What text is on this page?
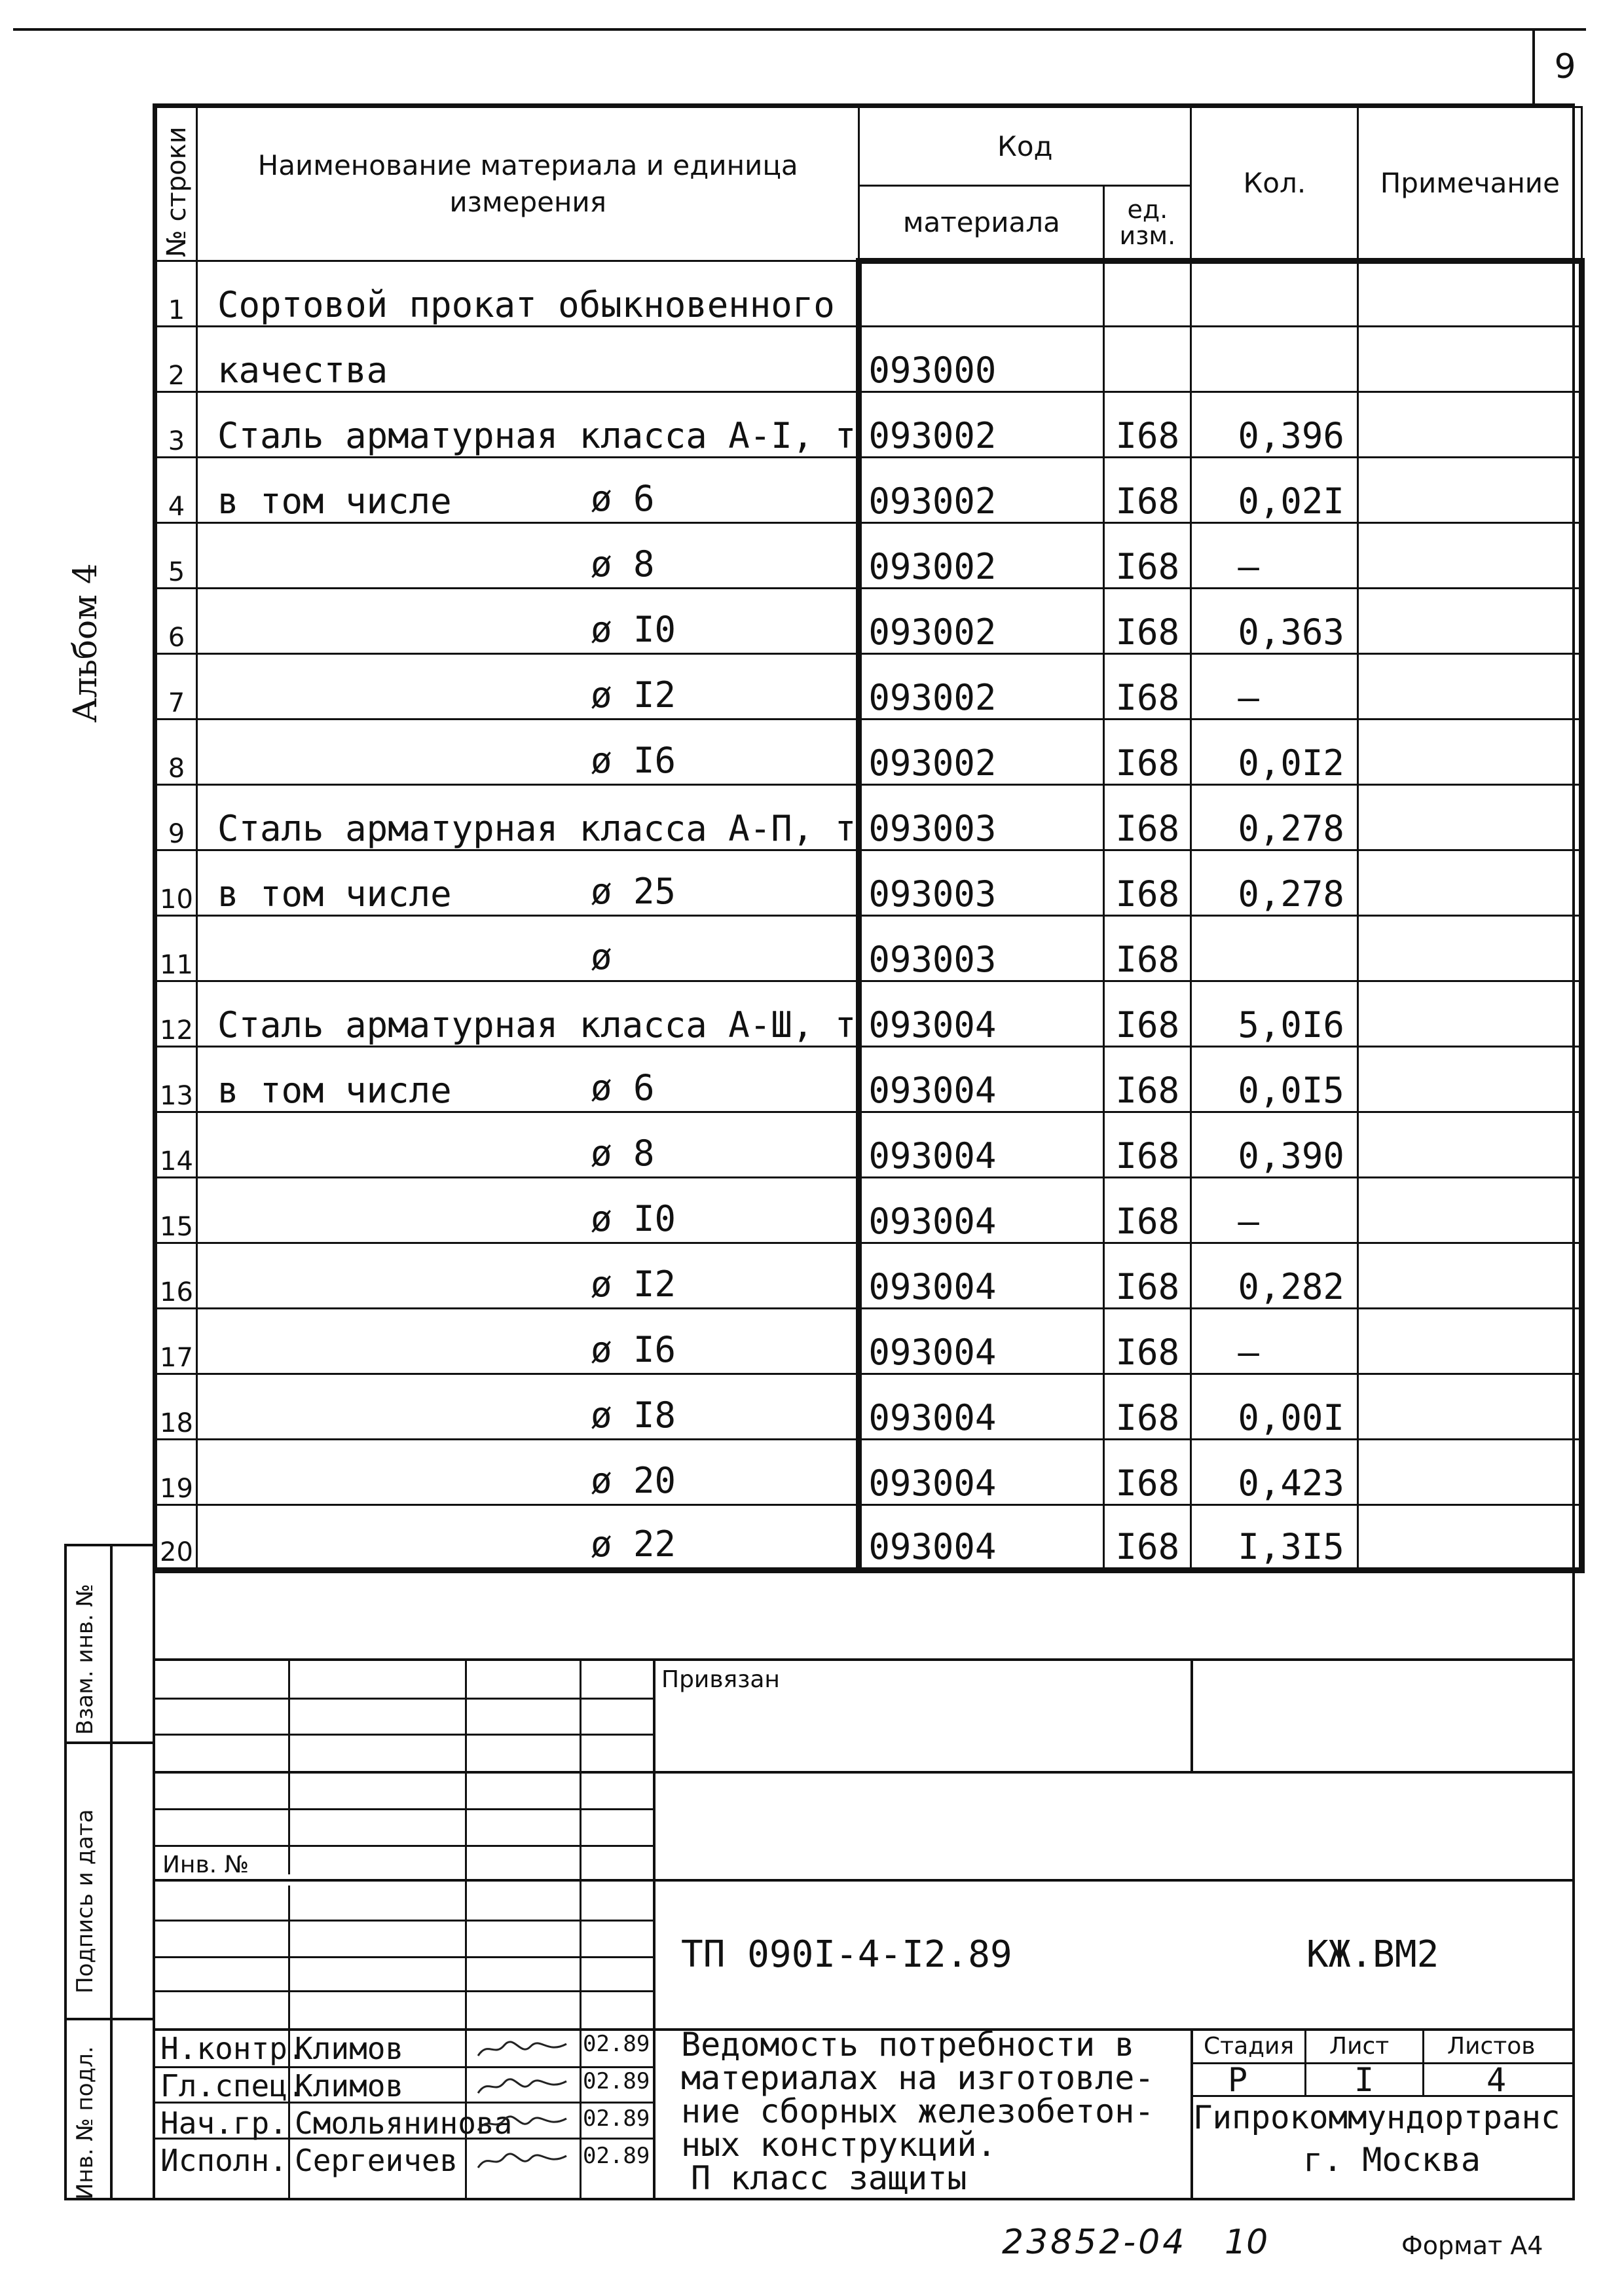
9
Альбом 4
№ строки	Наименование материала и единица измерения	Код		Кол.	Примечание
		материала	ед. изм.		
1	Сортовой прокат обыкновенного

2	качества	093000			
3	Сталь арматурная класса А-I, т	093002	I68	0,396	
4	в том числе ø 6	093002	I68	0,02I	
5	ø 8	093002	I68	–	
6	ø I0	093002	I68	0,363	
7	ø I2	093002	I68	–	
8	ø I6	093002	I68	0,0I2	
9	Сталь арматурная класса А-П, т	093003	I68	0,278	
10	в том числе ø 25	093003	I68	0,278	
11	ø	093003	I68		
12	Сталь арматурная класса А-Ш, т	093004	I68	5,0I6	
13	в том числе ø 6	093004	I68	0,0I5	
14	ø 8	093004	I68	0,390	
15	ø I0	093004	I68	–	
16	ø I2	093004	I68	0,282	
17	ø I6	093004	I68	–	
18	ø I8	093004	I68	0,00I	
19	ø 20	093004	I68	0,423	
20	ø 22	093004	I68	I,3I5	
Взам. инв. №
Подпись и дата
Инв. № подл.
Привязан
Инв. №
ТП 090I-4-I2.89	КЖ.ВМ2
Ведомость потребности в
материалах на изготовле-
ние сборных железобетон-
ных конструкций.
П класс защиты
Стадия Лист Листов
Р	I	4
Гипрокоммундортранс
г. Москва
Н.контр.
Климов	02.89
Гл.спец.
Климов	02.89
Нач.гр. Смольянинова	02.89
Исполн. Сергеичев	02.89
23852-04 10	Формат А4
